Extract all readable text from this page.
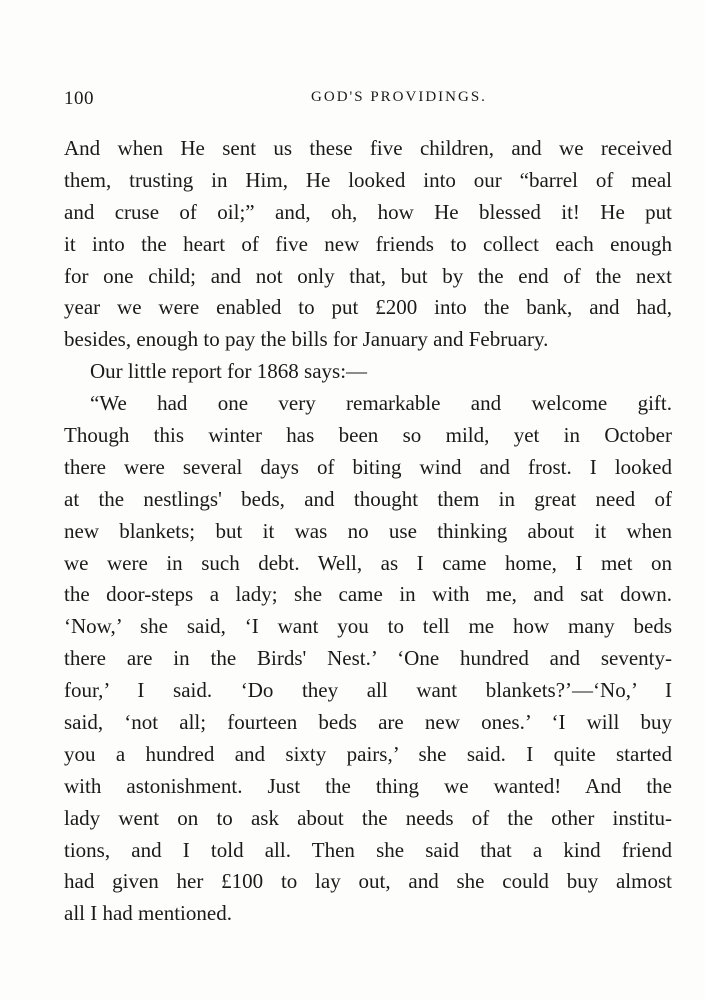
100	GOD'S PROVIDINGS.
And when He sent us these five children, and we received
them, trusting in Him, He looked into our “barrel of meal
and cruse of oil;” and, oh, how He blessed it! He put
it into the heart of five new friends to collect each enough
for one child; and not only that, but by the end of the next
year we were enabled to put £200 into the bank, and had,
besides, enough to pay the bills for January and February.
Our little report for 1868 says:—
“We had one very remarkable and welcome gift.
Though this winter has been so mild, yet in October
there were several days of biting wind and frost. I looked
at the nestlings' beds, and thought them in great need of
new blankets; but it was no use thinking about it when
we were in such debt. Well, as I came home, I met on
the door-steps a lady; she came in with me, and sat down.
‘Now,’ she said, ‘I want you to tell me how many beds
there are in the Birds' Nest.’ ‘One hundred and seventy-
four,’ I said. ‘Do they all want blankets?’—‘No,’ I
said, ‘not all; fourteen beds are new ones.’ ‘I will buy
you a hundred and sixty pairs,’ she said. I quite started
with astonishment. Just the thing we wanted! And the
lady went on to ask about the needs of the other institu-
tions, and I told all. Then she said that a kind friend
had given her £100 to lay out, and she could buy almost
all I had mentioned.
